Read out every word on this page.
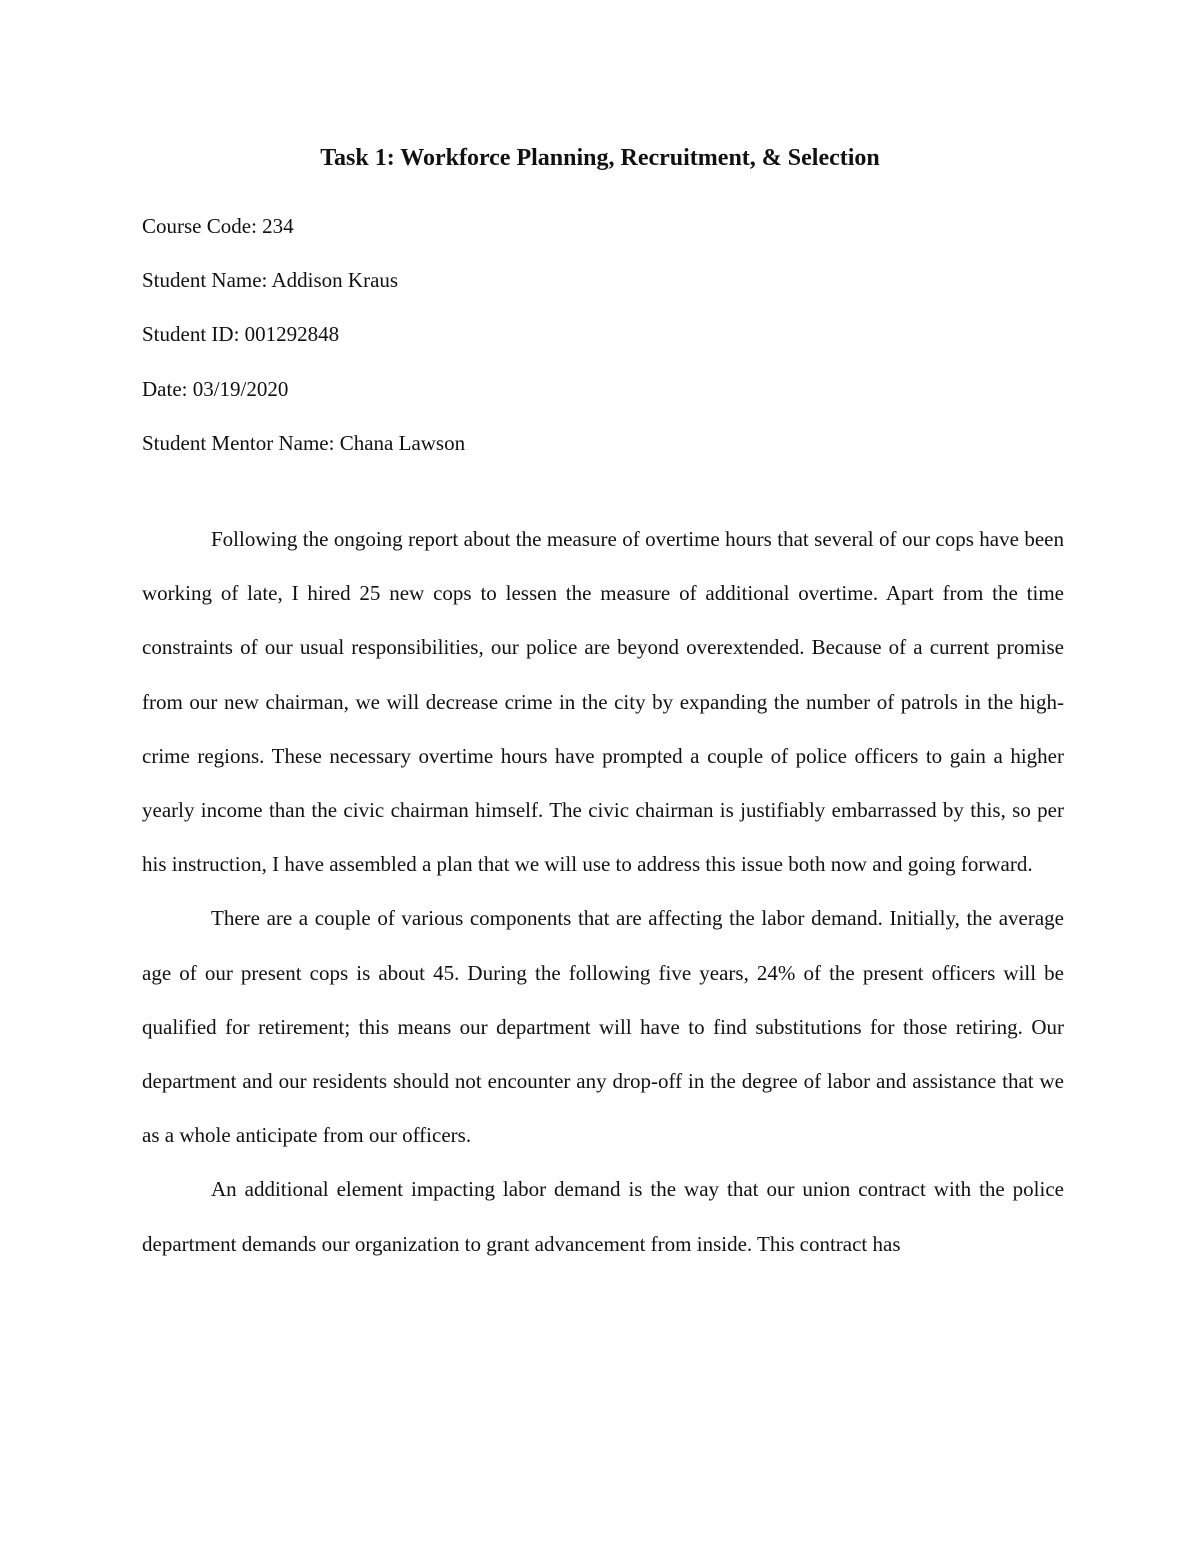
Task 1: Workforce Planning, Recruitment, & Selection
Course Code: 234
Student Name: Addison Kraus
Student ID: 001292848
Date: 03/19/2020
Student Mentor Name: Chana Lawson

Following the ongoing report about the measure of overtime hours that several of our cops have been working of late, I hired 25 new cops to lessen the measure of additional overtime. Apart from the time constraints of our usual responsibilities, our police are beyond overextended. Because of a current promise from our new chairman, we will decrease crime in the city by expanding the number of patrols in the high-crime regions. These necessary overtime hours have prompted a couple of police officers to gain a higher yearly income than the civic chairman himself. The civic chairman is justifiably embarrassed by this, so per his instruction, I have assembled a plan that we will use to address this issue both now and going forward.

There are a couple of various components that are affecting the labor demand. Initially, the average age of our present cops is about 45. During the following five years, 24% of the present officers will be qualified for retirement; this means our department will have to find substitutions for those retiring. Our department and our residents should not encounter any drop-off in the degree of labor and assistance that we as a whole anticipate from our officers.

An additional element impacting labor demand is the way that our union contract with the police department demands our organization to grant advancement from inside. This contract has
